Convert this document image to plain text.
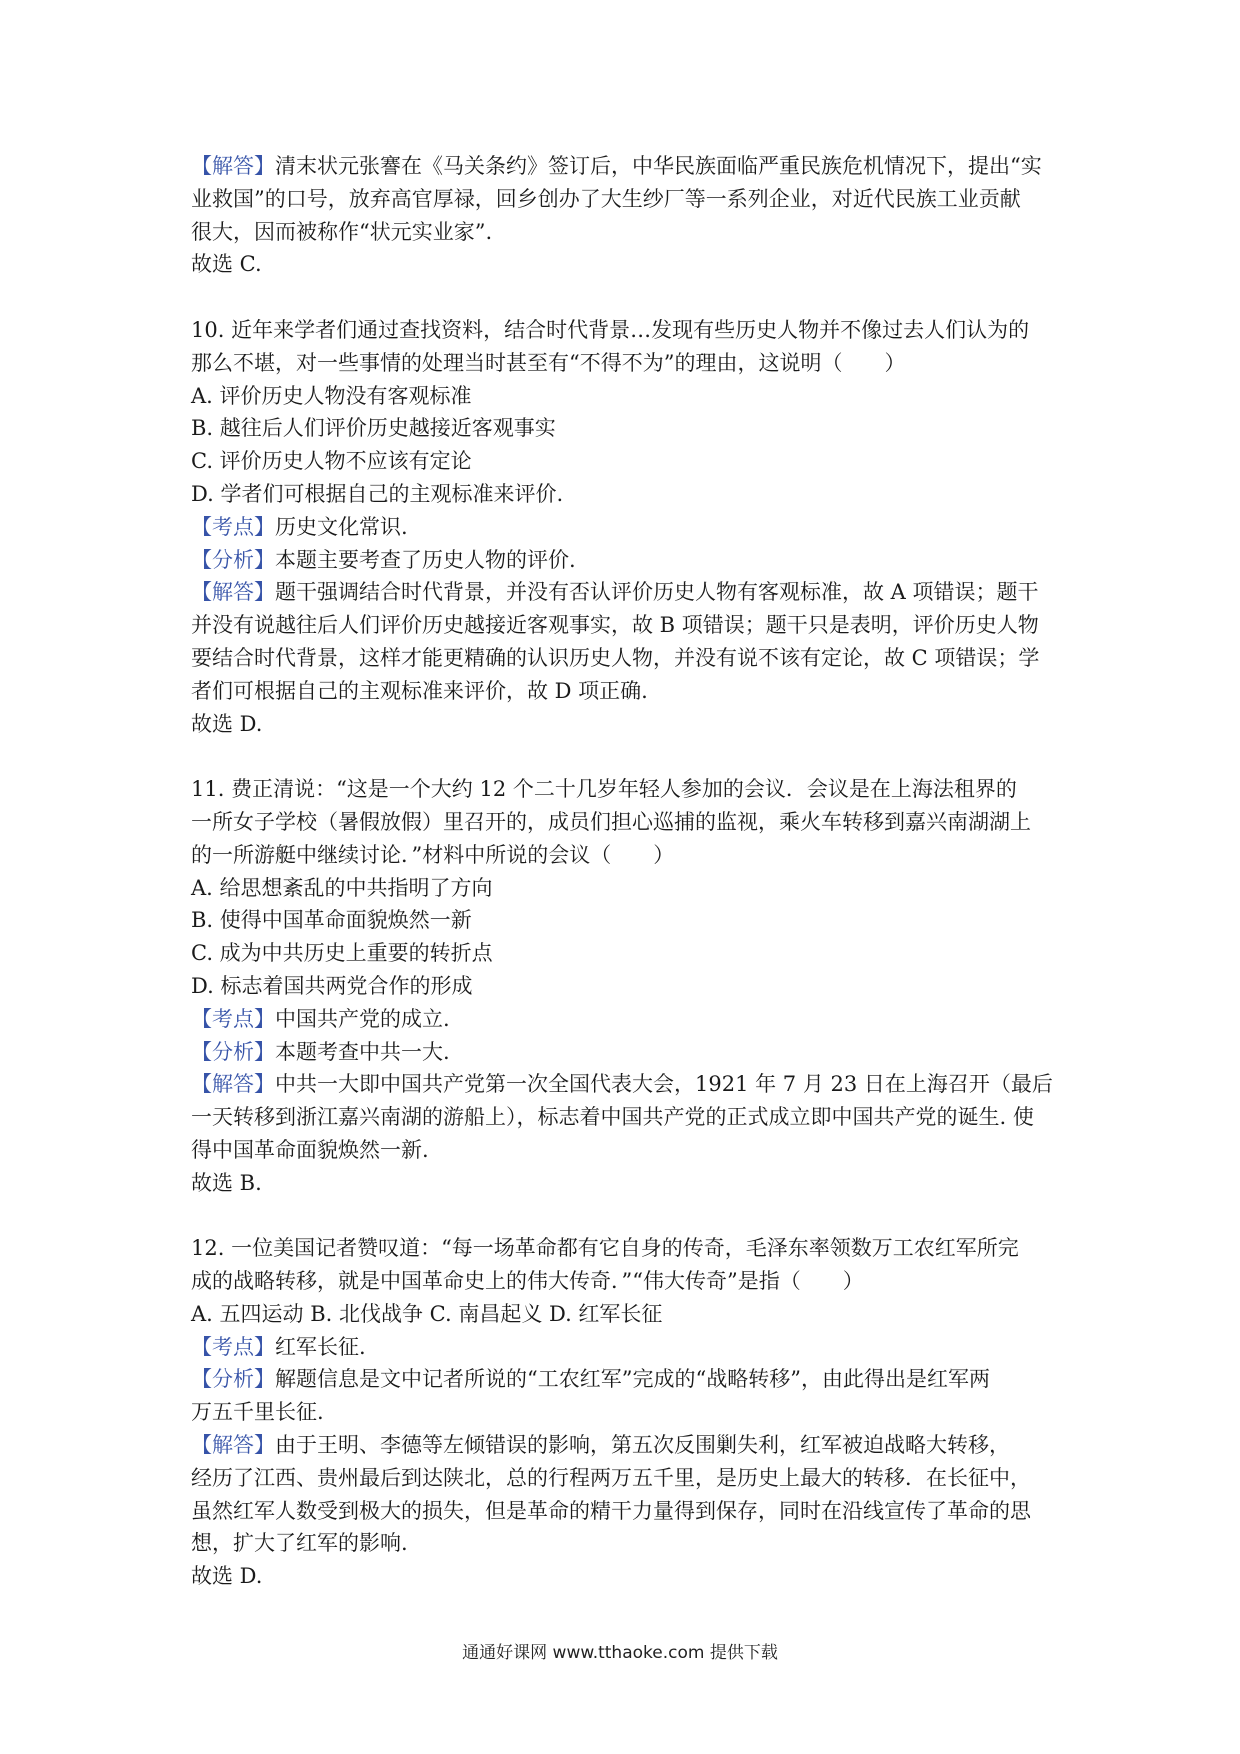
【解答】清末状元张謇在《马关条约》签订后，中华民族面临严重民族危机情况下，提出“实
业救国”的口号，放弃高官厚禄，回乡创办了大生纱厂等一系列企业，对近代民族工业贡献
很大，因而被称作“状元实业家”.
故选 C.
10. 近年来学者们通过查找资料，结合时代背景…发现有些历史人物并不像过去人们认为的
那么不堪，对一些事情的处理当时甚至有“不得不为”的理由，这说明（　　）
A. 评价历史人物没有客观标准
B. 越往后人们评价历史越接近客观事实
C. 评价历史人物不应该有定论
D. 学者们可根据自己的主观标准来评价.
【考点】历史文化常识.
【分析】本题主要考查了历史人物的评价.
【解答】题干强调结合时代背景，并没有否认评价历史人物有客观标准，故 A 项错误；题干
并没有说越往后人们评价历史越接近客观事实，故 B 项错误；题干只是表明，评价历史人物
要结合时代背景，这样才能更精确的认识历史人物，并没有说不该有定论，故 C 项错误；学
者们可根据自己的主观标准来评价，故 D 项正确.
故选 D.
11. 费正清说：“这是一个大约 12 个二十几岁年轻人参加的会议．会议是在上海法租界的
一所女子学校（暑假放假）里召开的，成员们担心巡捕的监视，乘火车转移到嘉兴南湖湖上
的一所游艇中继续讨论．”材料中所说的会议（　　）
A. 给思想紊乱的中共指明了方向
B. 使得中国革命面貌焕然一新
C. 成为中共历史上重要的转折点
D. 标志着国共两党合作的形成
【考点】中国共产党的成立.
【分析】本题考查中共一大.
【解答】中共一大即中国共产党第一次全国代表大会，1921 年 7 月 23 日在上海召开（最后
一天转移到浙江嘉兴南湖的游船上），标志着中国共产党的正式成立即中国共产党的诞生. 使
得中国革命面貌焕然一新.
故选 B.
12. 一位美国记者赞叹道：“每一场革命都有它自身的传奇，毛泽东率领数万工农红军所完
成的战略转移，就是中国革命史上的伟大传奇．”“伟大传奇”是指（　　）
A. 五四运动 B. 北伐战争 C. 南昌起义 D. 红军长征
【考点】红军长征.
【分析】解题信息是文中记者所说的“工农红军”完成的“战略转移”，由此得出是红军两
万五千里长征.
【解答】由于王明、李德等左倾错误的影响，第五次反围剿失利，红军被迫战略大转移，
经历了江西、贵州最后到达陕北，总的行程两万五千里，是历史上最大的转移．在长征中，
虽然红军人数受到极大的损失，但是革命的精干力量得到保存，同时在沿线宣传了革命的思
想，扩大了红军的影响.
故选 D.
通通好课网 www.tthaoke.com 提供下载
